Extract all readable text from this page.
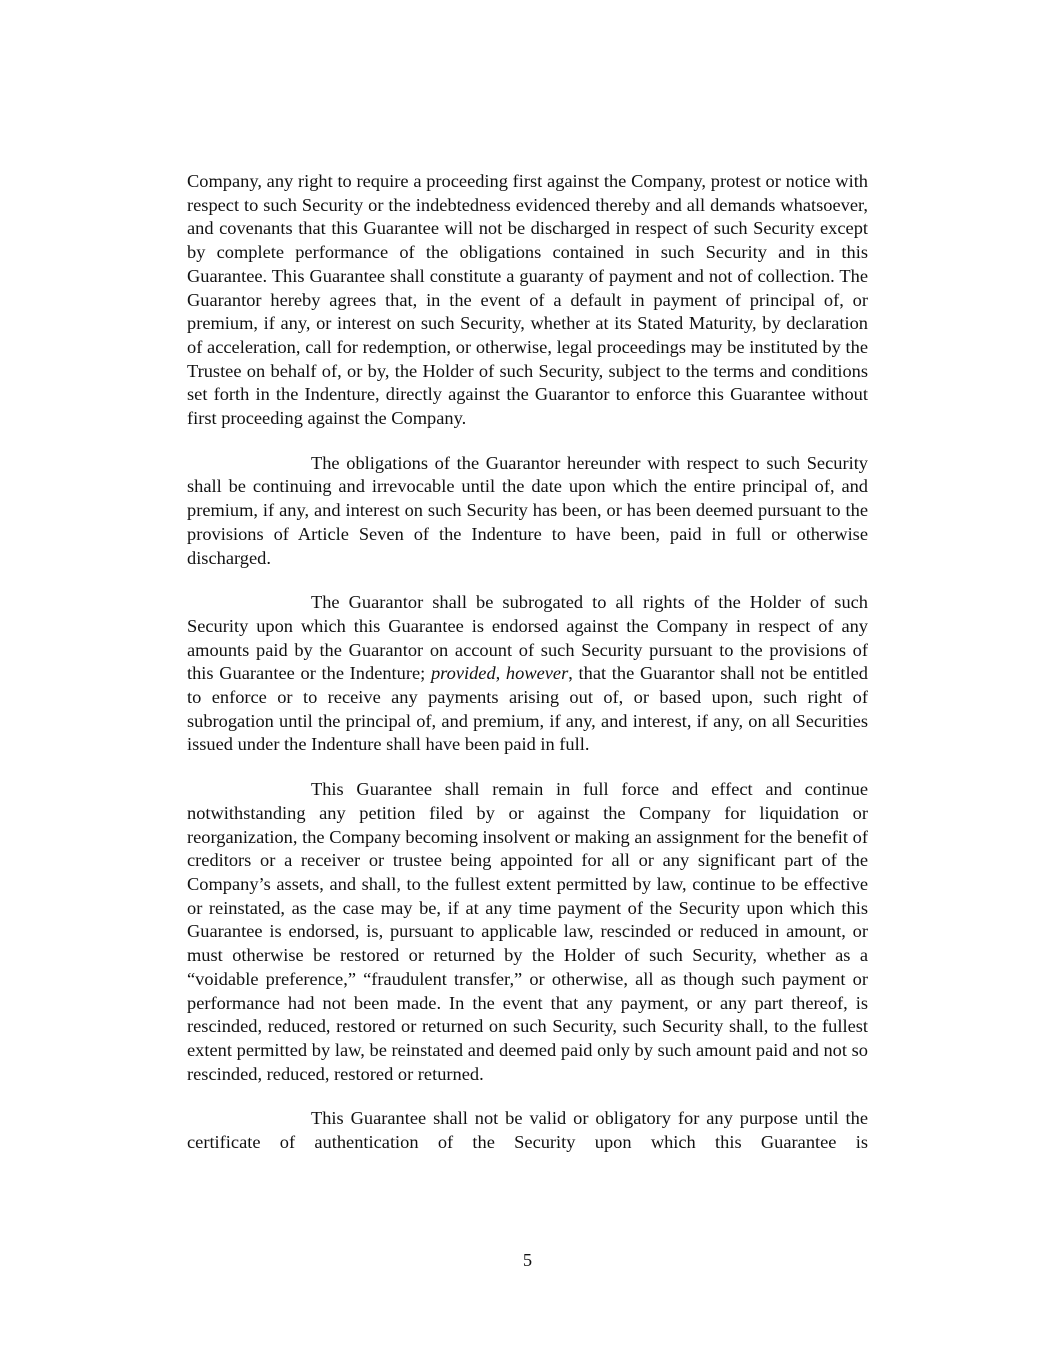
Company, any right to require a proceeding first against the Company, protest or notice with respect to such Security or the indebtedness evidenced thereby and all demands whatsoever, and covenants that this Guarantee will not be discharged in respect of such Security except by complete performance of the obligations contained in such Security and in this Guarantee. This Guarantee shall constitute a guaranty of payment and not of collection. The Guarantor hereby agrees that, in the event of a default in payment of principal of, or premium, if any, or interest on such Security, whether at its Stated Maturity, by declaration of acceleration, call for redemption, or otherwise, legal proceedings may be instituted by the Trustee on behalf of, or by, the Holder of such Security, subject to the terms and conditions set forth in the Indenture, directly against the Guarantor to enforce this Guarantee without first proceeding against the Company.

The obligations of the Guarantor hereunder with respect to such Security shall be continuing and irrevocable until the date upon which the entire principal of, and premium, if any, and interest on such Security has been, or has been deemed pursuant to the provisions of Article Seven of the Indenture to have been, paid in full or otherwise discharged.

The Guarantor shall be subrogated to all rights of the Holder of such Security upon which this Guarantee is endorsed against the Company in respect of any amounts paid by the Guarantor on account of such Security pursuant to the provisions of this Guarantee or the Indenture; provided, however, that the Guarantor shall not be entitled to enforce or to receive any payments arising out of, or based upon, such right of subrogation until the principal of, and premium, if any, and interest, if any, on all Securities issued under the Indenture shall have been paid in full.

This Guarantee shall remain in full force and effect and continue notwithstanding any petition filed by or against the Company for liquidation or reorganization, the Company becoming insolvent or making an assignment for the benefit of creditors or a receiver or trustee being appointed for all or any significant part of the Company’s assets, and shall, to the fullest extent permitted by law, continue to be effective or reinstated, as the case may be, if at any time payment of the Security upon which this Guarantee is endorsed, is, pursuant to applicable law, rescinded or reduced in amount, or must otherwise be restored or returned by the Holder of such Security, whether as a “voidable preference,” “fraudulent transfer,” or otherwise, all as though such payment or performance had not been made. In the event that any payment, or any part thereof, is rescinded, reduced, restored or returned on such Security, such Security shall, to the fullest extent permitted by law, be reinstated and deemed paid only by such amount paid and not so rescinded, reduced, restored or returned.

This Guarantee shall not be valid or obligatory for any purpose until the certificate of authentication of the Security upon which this Guarantee is

5
